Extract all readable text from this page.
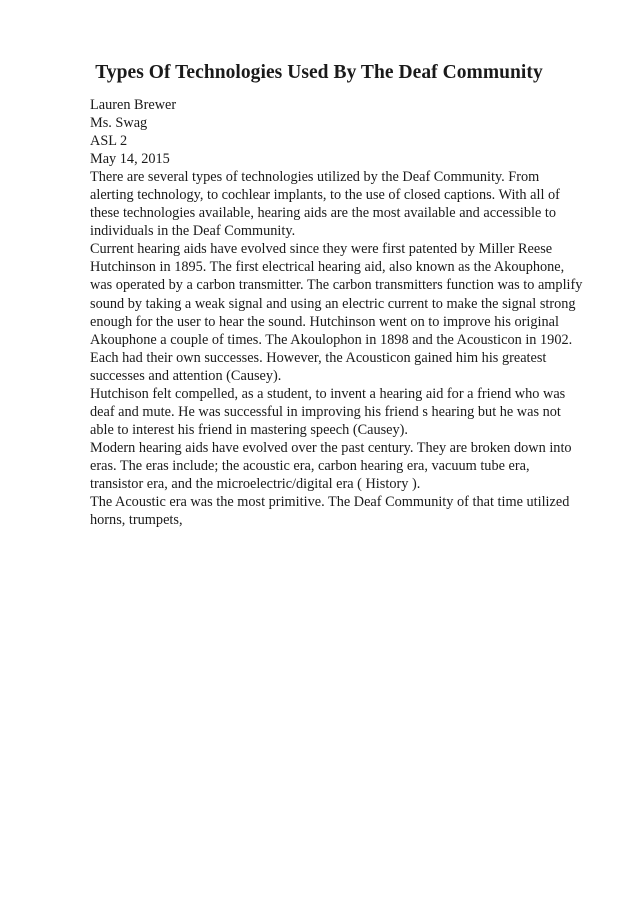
Types Of Technologies Used By The Deaf Community
Lauren Brewer
Ms. Swag
ASL 2
May 14, 2015
There are several types of technologies utilized by the Deaf Community. From
alerting technology, to cochlear implants, to the use of closed captions. With all of
these technologies available, hearing aids are the most available and accessible to
individuals in the Deaf Community.
Current hearing aids have evolved since they were first patented by Miller Reese
Hutchinson in 1895. The first electrical hearing aid, also known as the Akouphone,
was operated by a carbon transmitter. The carbon transmitters function was to amplify
sound by taking a weak signal and using an electric current to make the signal strong
enough for the user to hear the sound. Hutchinson went on to improve his original
Akouphone a couple of times. The Akoulophon in 1898 and the Acousticon in 1902.
Each had their own successes. However, the Acousticon gained him his greatest
successes and attention (Causey).
Hutchison felt compelled, as a student, to invent a hearing aid for a friend who was
deaf and mute. He was successful in improving his friend s hearing but he was not
able to interest his friend in mastering speech (Causey).
Modern hearing aids have evolved over the past century. They are broken down into
eras. The eras include; the acoustic era, carbon hearing era, vacuum tube era,
transistor era, and the microelectric/digital era ( History ).
The Acoustic era was the most primitive. The Deaf Community of that time utilized
horns, trumpets,
